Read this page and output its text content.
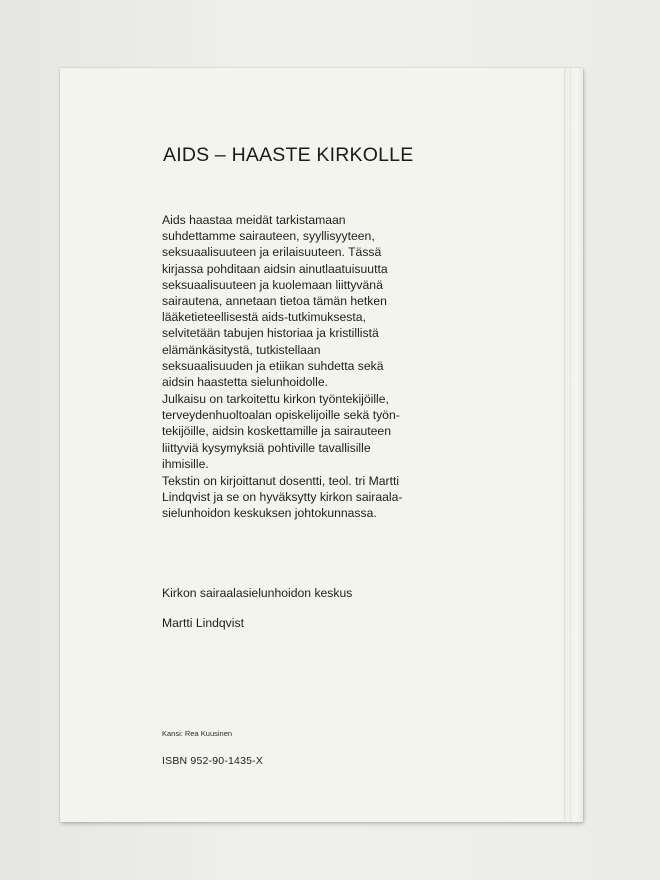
AIDS – HAASTE KIRKOLLE

Aids haastaa meidät tarkistamaan
suhdettamme sairauteen, syyllisyyteen,
seksuaalisuuteen ja erilaisuuteen. Tässä
kirjassa pohditaan aidsin ainutlaatuisuutta
seksuaalisuuteen ja kuolemaan liittyvänä
sairautena, annetaan tietoa tämän hetken
lääketieteellisestä aids-tutkimuksesta,
selvitetään tabujen historiaa ja kristillistä
elämänkäsitystä, tutkistellaan
seksuaalisuuden ja etiikan suhdetta sekä
aidsin haastetta sielunhoidolle.

Julkaisu on tarkoitettu kirkon työntekijöille,
terveydenhuoltoalan opiskelijoille sekä työn-
tekijöille, aidsin koskettamille ja sairauteen
liittyviä kysymyksiä pohtiville tavallisille
ihmisille.

Tekstin on kirjoittanut dosentti, teol. tri Martti
Lindqvist ja se on hyväksytty kirkon sairaala-
sielunhoidon keskuksen johtokunnassa.

Kirkon sairaalasielunhoidon keskus

Martti Lindqvist

Kansi: Rea Kuusinen

ISBN 952-90-1435-X
